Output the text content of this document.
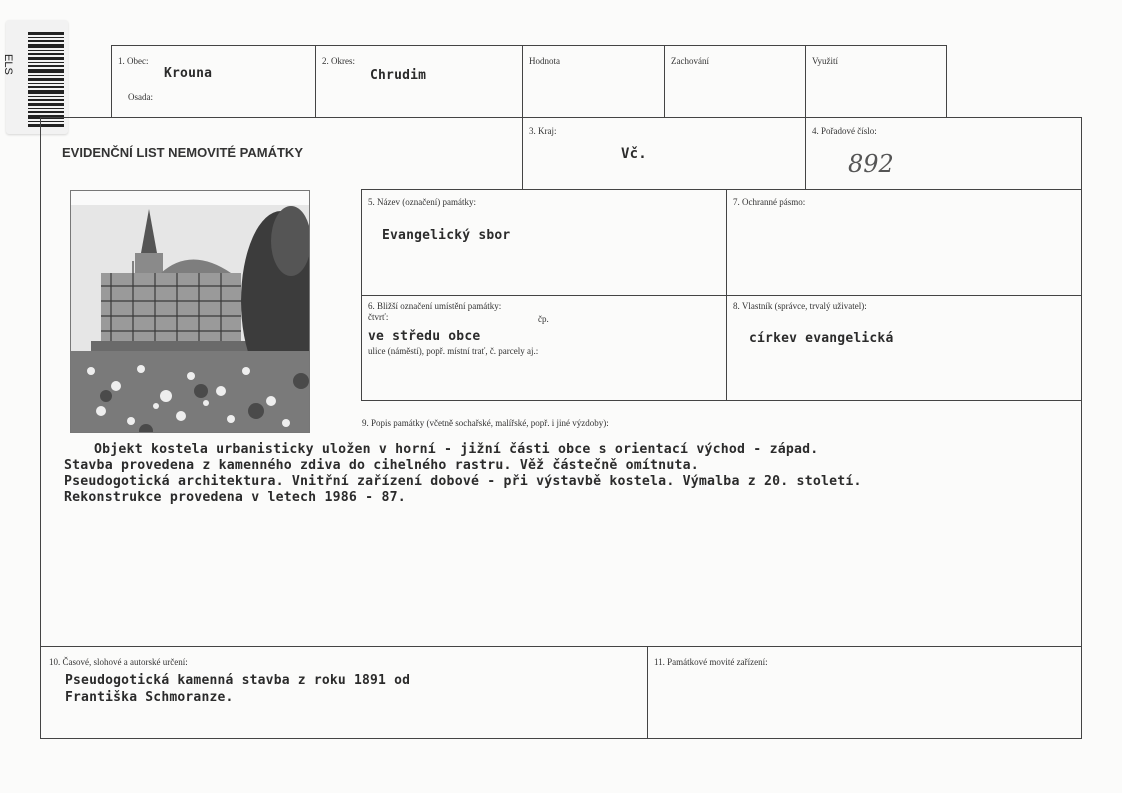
ELS	1. Obec:
Krouna
Osada:
2. Okres:
Chrudim
Hodnota	Zachování	Využití
EVIDENČNÍ LIST NEMOVITÉ PAMÁTKY
3. Kraj:
Vč.
4. Pořadové číslo:
892
5. Název (označení) památky:
Evangelický sbor
7. Ochranné pásmo:
6. Bližší označení umístění památky:
čtvrť:	čp.
ve středu obce
ulice (náměstí), popř. místní trať, č. parcely aj.:
8. Vlastník (správce, trvalý uživatel):
církev evangelická
9. Popis památky (včetně sochařské, malířské, popř. i jiné výzdoby):
Objekt kostela urbanisticky uložen v horní - jižní části obce s orientací východ - západ.
Stavba provedena z kamenného zdiva do cihelného rastru. Věž částečně omítnuta.
Pseudogotická architektura. Vnitřní zařízení dobové - při výstavbě kostela. Výmalba z 20. století.
Rekonstrukce provedena v letech 1986 - 87.
10. Časové, slohové a autorské určení:
Pseudogotická kamenná stavba z roku 1891 od
Františka Schmoranze.
11. Památkové movité zařízení:
